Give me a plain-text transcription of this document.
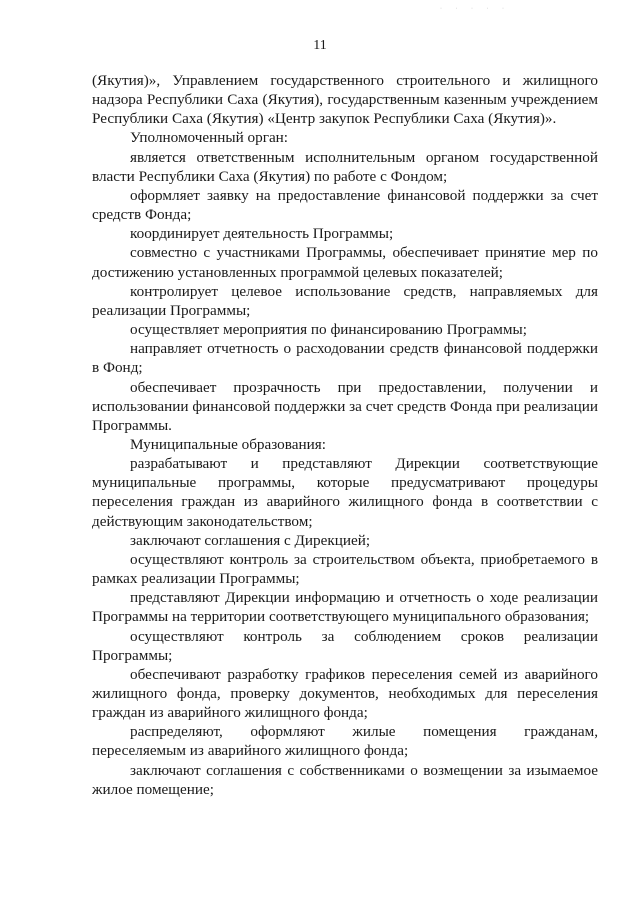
· · · · ·
11

(Якутия)», Управлением государственного строительного и жилищного надзора Республики Саха (Якутия), государственным казенным учреждением Республики Саха (Якутия) «Центр закупок Республики Саха (Якутия)».

Уполномоченный орган:

является ответственным исполнительным органом государственной власти Республики Саха (Якутия) по работе с Фондом;

оформляет заявку на предоставление финансовой поддержки за счет средств Фонда;

координирует деятельность Программы;

совместно с участниками Программы, обеспечивает принятие мер по достижению установленных программой целевых показателей;

контролирует целевое использование средств, направляемых для реализации Программы;

осуществляет мероприятия по финансированию Программы;

направляет отчетность о расходовании средств финансовой поддержки в Фонд;

обеспечивает прозрачность при предоставлении, получении и использовании финансовой поддержки за счет средств Фонда при реализации Программы.

Муниципальные образования:

разрабатывают и представляют Дирекции соответствующие муниципальные программы, которые предусматривают процедуры переселения граждан из аварийного жилищного фонда в соответствии с действующим законодательством;

заключают соглашения с Дирекцией;

осуществляют контроль за строительством объекта, приобретаемого в рамках реализации Программы;

представляют Дирекции информацию и отчетность о ходе реализации Программы на территории соответствующего муниципального образования;

осуществляют контроль за соблюдением сроков реализации Программы;

обеспечивают разработку графиков переселения семей из аварийного жилищного фонда, проверку документов, необходимых для переселения граждан из аварийного жилищного фонда;

распределяют, оформляют жилые помещения гражданам, переселяемым из аварийного жилищного фонда;

заключают соглашения с собственниками о возмещении за изымаемое жилое помещение;
